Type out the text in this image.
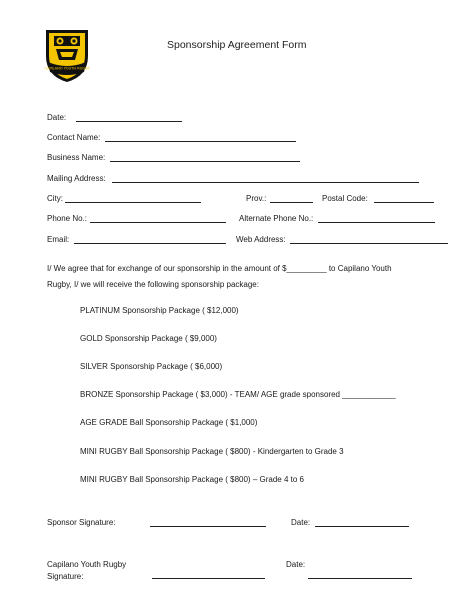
CAPILANO YOUTH RUGBY
Sponsorship Agreement Form
Date:
Contact Name:
Business Name:
Mailing Address:
City:	Prov.:	Postal Code:
Phone No.:	Alternate Phone No.:
Email:	Web Address:
I/ We agree that for exchange of our sponsorship in the amount of $_________ to Capilano Youth
Rugby, I/ we will receive the following sponsorship package:
PLATINUM Sponsorship Package ( $12,000)
GOLD Sponsorship Package ( $9,000)
SILVER Sponsorship Package ( $6,000)
BRONZE Sponsorship Package ( $3,000) - TEAM/ AGE grade sponsored ____________
AGE GRADE Ball Sponsorship Package ( $1,000)
MINI RUGBY Ball Sponsorship Package ( $800) - Kindergarten to Grade 3
MINI RUGBY Ball Sponsorship Package ( $800) – Grade 4 to 6
Sponsor Signature:	Date:
Capilano Youth Rugby
Signature:
Date:
